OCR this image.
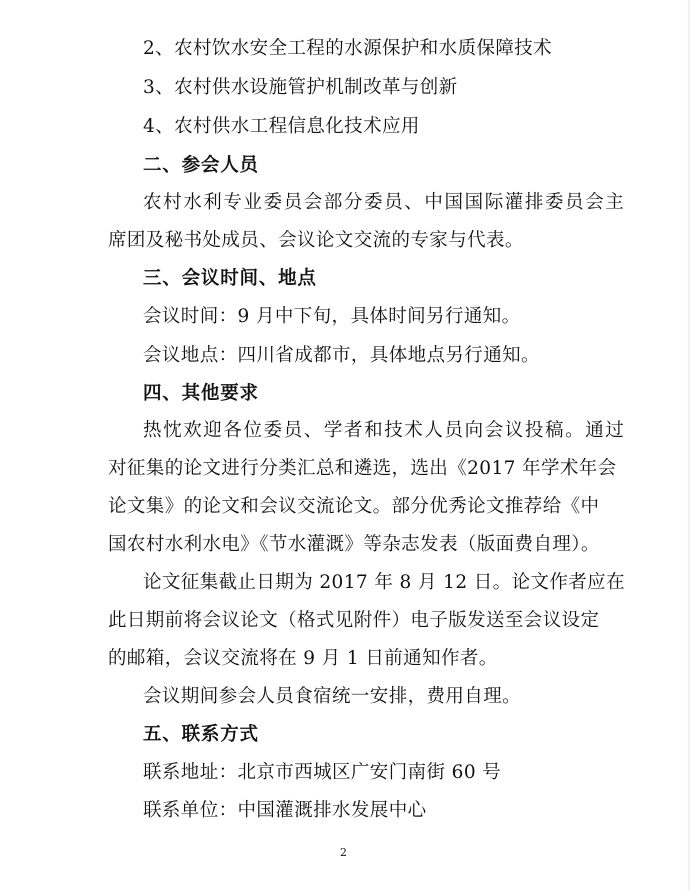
2、农村饮水安全工程的水源保护和水质保障技术
3、农村供水设施管护机制改革与创新
4、农村供水工程信息化技术应用
二、参会人员
农村水利专业委员会部分委员、中国国际灌排委员会主
席团及秘书处成员、会议论文交流的专家与代表。
三、会议时间、地点
会议时间：9 月中下旬，具体时间另行通知。
会议地点：四川省成都市，具体地点另行通知。
四、其他要求
热忱欢迎各位委员、学者和技术人员向会议投稿。通过
对征集的论文进行分类汇总和遴选，选出《2017 年学术年会
论文集》的论文和会议交流论文。部分优秀论文推荐给《中
国农村水利水电》《节水灌溉》等杂志发表（版面费自理）。
论文征集截止日期为 2017 年 8 月 12 日。论文作者应在
此日期前将会议论文（格式见附件）电子版发送至会议设定
的邮箱，会议交流将在 9 月 1 日前通知作者。
会议期间参会人员食宿统一安排，费用自理。
五、联系方式
联系地址：北京市西城区广安门南街 60 号
联系单位：中国灌溉排水发展中心
2
